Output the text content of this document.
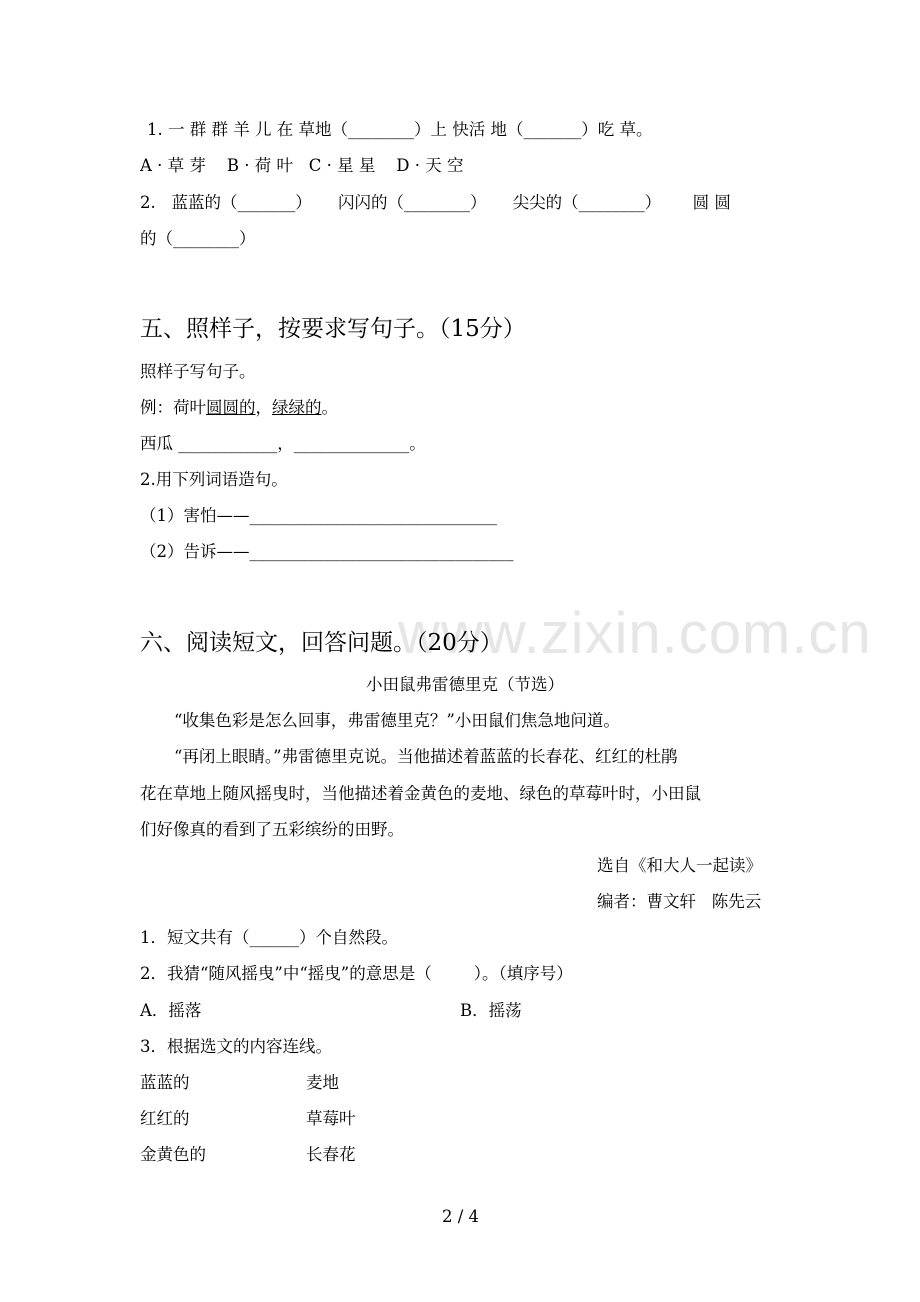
www.zixin.com.cn
1. 一 群 群 羊 儿 在 草地（________）上 快活 地（_______）吃 草。
A · 草 芽    B · 荷 叶   C · 星 星    D · 天 空
2.   蓝蓝的（_______）     闪闪的（________）     尖尖的（________）      圆 圆
的（________）
五、照样子，按要求写句子。（15分）
照样子写句子。
例：荷叶圆圆的，绿绿的。
西瓜 ____________，______________。
2.用下列词语造句。
（1）害怕——______________________________
（2）告诉——________________________________
六、阅读短文，回答问题。（20分）
小田鼠弗雷德里克（节选）
“收集色彩是怎么回事，弗雷德里克？”小田鼠们焦急地问道。
“再闭上眼睛。”弗雷德里克说。当他描述着蓝蓝的长春花、红红的杜鹃
花在草地上随风摇曳时，当他描述着金黄色的麦地、绿色的草莓叶时，小田鼠
们好像真的看到了五彩缤纷的田野。
选自《和大人一起读》
编者：曹文轩   陈先云
1．短文共有（______）个自然段。
2．我猜“随风摇曳”中“摇曳”的意思是（        ）。（填序号）
A．摇落	B．摇荡
3．根据选文的内容连线。
蓝蓝的	麦地
红红的	草莓叶
金黄色的	长春花
2 / 4
